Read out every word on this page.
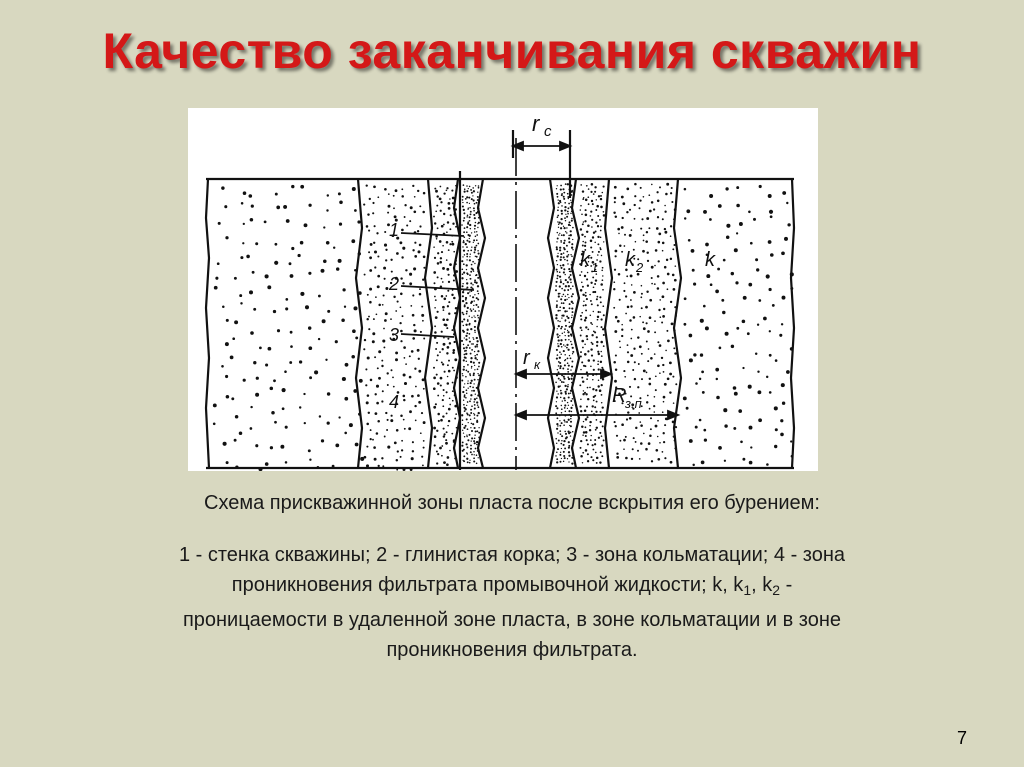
Качество заканчивания скважин
r с
r к
R
з.п
k 1 k 2	k
1
2
3
4

Схема прискважинной зоны пласта после вскрытия его бурением:

1 - стенка скважины; 2 - глинистая корка; 3 - зона кольматации; 4 - зона

проникновения фильтрата промывочной жидкости; k, $k_1$, $k_2$ -

проницаемости в удаленной зоне пласта, в зоне кольматации и в зоне

проникновения фильтрата.

7
